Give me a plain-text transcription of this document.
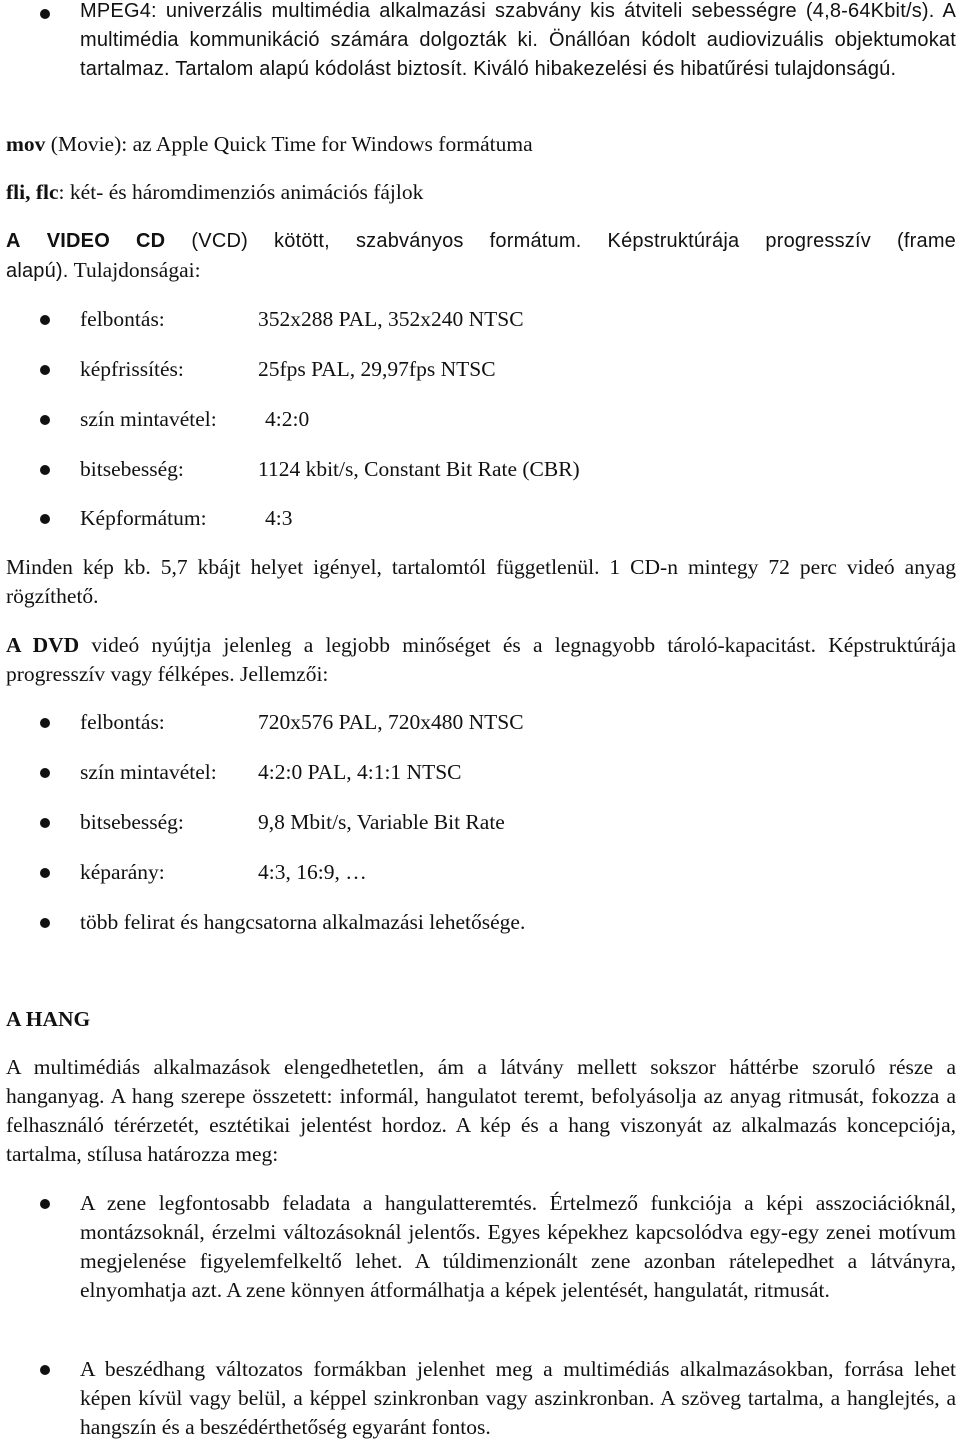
MPEG4: univerzális multimédia alkalmazási szabvány kis átviteli sebességre (4,8-64Kbit/s). A multimédia kommunikáció számára dolgozták ki. Önállóan kódolt audiovizuális objektumokat tartalmaz. Tartalom alapú kódolást biztosít. Kiváló hibakezelési és hibatűrési tulajdonságú.

mov (Movie): az Apple Quick Time for Windows formátuma

fli, flc: két- és háromdimenziós animációs fájlok

A VIDEO CD (VCD) kötött, szabványos formátum. Képstruktúrája progresszív (frame

alapú). Tulajdonságai:

felbontás:	352x288 PAL, 352x240 NTSC

képfrissítés:	25fps PAL, 29,97fps NTSC

szín mintavétel: 4:2:0

bitsebesség:	1124 kbit/s, Constant Bit Rate (CBR)

Képformátum:	4:3

Minden kép kb. 5,7 kbájt helyet igényel, tartalomtól függetlenül. 1 CD-n mintegy 72 perc videó anyag rögzíthető.

A DVD videó nyújtja jelenleg a legjobb minőséget és a legnagyobb tároló-kapacitást. Képstruktúrája progresszív vagy félképes. Jellemzői:

felbontás:	720x576 PAL, 720x480 NTSC

szín mintavétel: 4:2:0 PAL, 4:1:1 NTSC

bitsebesség:	9,8 Mbit/s, Variable Bit Rate

képarány:	4:3, 16:9, …

több felirat és hangcsatorna alkalmazási lehetősége.

A HANG

A multimédiás alkalmazások elengedhetetlen, ám a látvány mellett sokszor háttérbe szoruló része a hanganyag. A hang szerepe összetett: informál, hangulatot teremt, befolyásolja az anyag ritmusát, fokozza a felhasználó térérzetét, esztétikai jelentést hordoz. A kép és a hang viszonyát az alkalmazás koncepciója, tartalma, stílusa határozza meg:

A zene legfontosabb feladata a hangulatteremtés. Értelmező funkciója a képi asszociációknál, montázsoknál, érzelmi változásoknál jelentős. Egyes képekhez kapcsolódva egy-egy zenei motívum megjelenése figyelemfelkeltő lehet. A túldimenzionált zene azonban rátelepedhet a látványra, elnyomhatja azt. A zene könnyen átformálhatja a képek jelentését, hangulatát, ritmusát.

A beszédhang változatos formákban jelenhet meg a multimédiás alkalmazásokban, forrása lehet képen kívül vagy belül, a képpel szinkronban vagy aszinkronban. A szöveg tartalma, a hanglejtés, a hangszín és a beszédérthetőség egyaránt fontos.
